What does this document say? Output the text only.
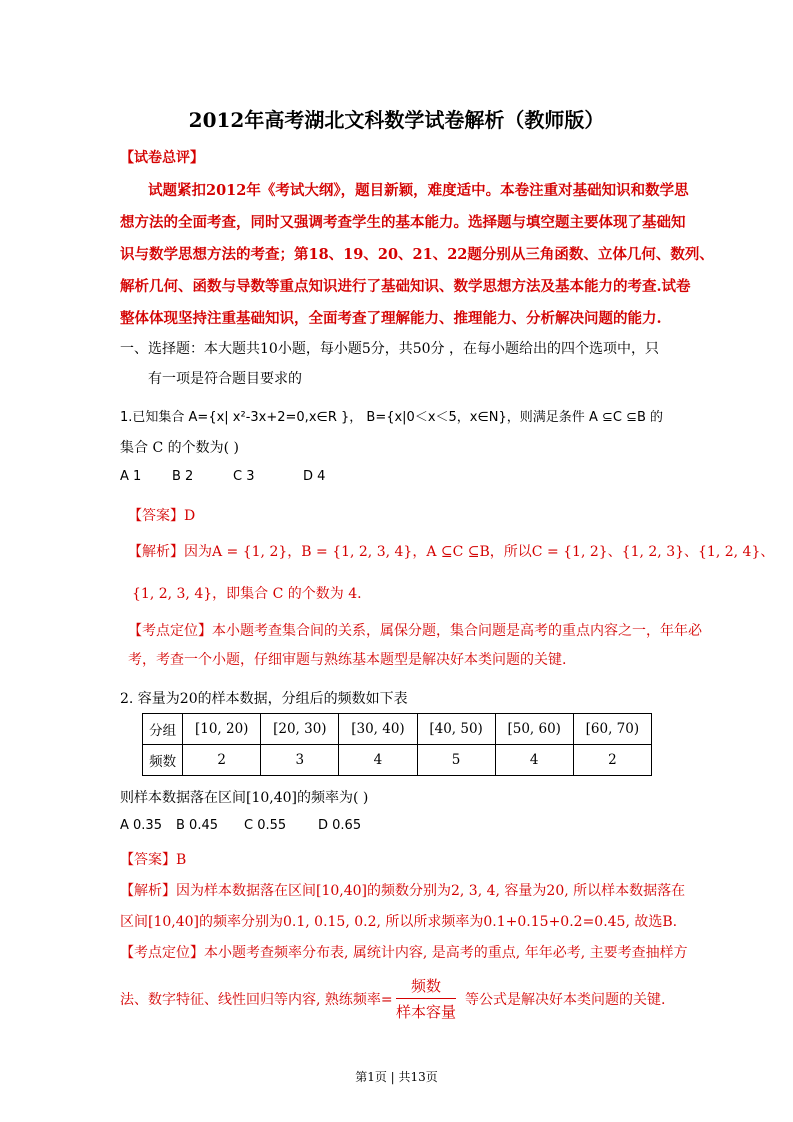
2012年高考湖北文科数学试卷解析（教师版）
【试卷总评】
试题紧扣2012年《考试大纲》，题目新颖，难度适中。本卷注重对基础知识和数学思
想方法的全面考查，同时又强调考查学生的基本能力。选择题与填空题主要体现了基础知
识与数学思想方法的考查；第18、19、20、21、22题分别从三角函数、立体几何、数列、
解析几何、函数与导数等重点知识进行了基础知识、数学思想方法及基本能力的考查.试卷
整体体现坚持注重基础知识，全面考查了理解能力、推理能力、分析解决问题的能力.
一、选择题：本大题共10小题，每小题5分，共50分 ，在每小题给出的四个选项中，只
有一项是符合题目要求的
1.已知集合 A={x| x²-3x+2=0,x∈R }， B={x|0＜x＜5，x∈N}，则满足条件 A ⊆C ⊆B 的
集合 C 的个数为( )
A 1 B 2	C 3	D 4
【答案】D
【解析】因为A = {1, 2}，B = {1, 2, 3, 4}，A ⊆C ⊆B，所以C = {1, 2}、{1, 2, 3}、{1, 2, 4}、
{1, 2, 3, 4}，即集合 C 的个数为 4.
【考点定位】本小题考查集合间的关系，属保分题，集合问题是高考的重点内容之一，年年必
考，考查一个小题，仔细审题与熟练基本题型是解决好本类问题的关键.
2. 容量为20的样本数据，分组后的频数如下表
分组	[10, 20)	[20, 30)	[30, 40)	[40, 50)	[50, 60)	[60, 70)
频数	2	3	4	5	4	2
则样本数据落在区间[10,40]的频率为( )
A 0.35 B 0.45 C 0.55 D 0.65
【答案】B
【解析】因为样本数据落在区间[10,40]的频数分别为2, 3, 4, 容量为20, 所以样本数据落在
区间[10,40]的频率分别为0.1, 0.15, 0.2, 所以所求频率为0.1+0.15+0.2=0.45, 故选B.
【考点定位】本小题考查频率分布表, 属统计内容, 是高考的重点, 年年必考, 主要考查抽样方
法、数字特征、线性回归等内容, 熟练频率=
频数
样本容量
等公式是解决好本类问题的关键.
第1页 | 共13页
